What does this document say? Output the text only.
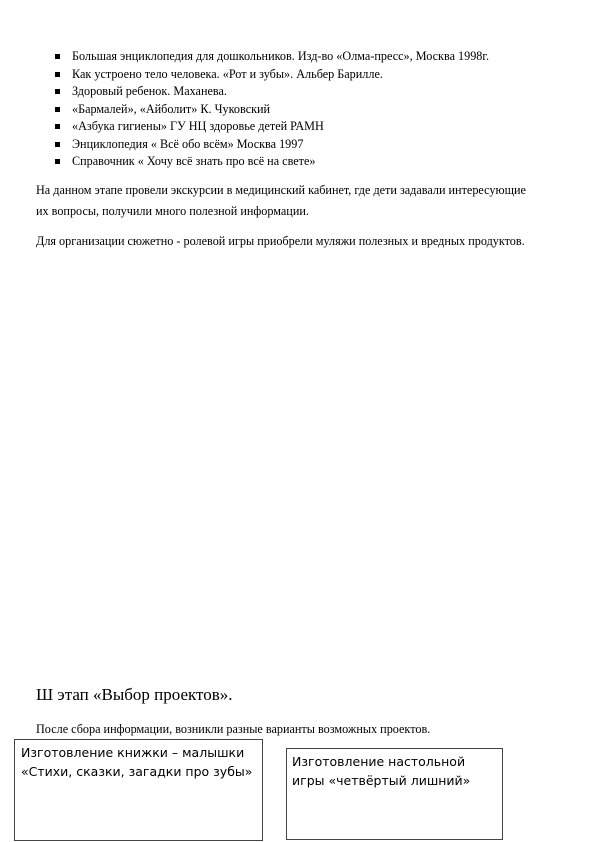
Большая энциклопедия для дошкольников. Изд-во «Олма-пресс», Москва 1998г.
Как устроено тело человека. «Рот и зубы». Альбер Барилле.
Здоровый ребенок. Маханева.
«Бармалей», «Айболит» К. Чуковский
«Азбука гигиены» ГУ НЦ здоровье детей РАМН
Энциклопедия « Всё обо всём» Москва 1997
Справочник « Хочу всё знать про всё на свете»

На данном этапе провели экскурсии в медицинский кабинет, где дети задавали интересующие их вопросы, получили много полезной информации.

Для организации сюжетно - ролевой игры приобрели муляжи полезных и вредных продуктов.

Ш этап «Выбор проектов».

После сбора информации, возникли разные варианты возможных проектов.

Изготовление книжки – малышки «Стихи, сказки, загадки про зубы»
Изготовление настольной игры «четвёртый лишний»
